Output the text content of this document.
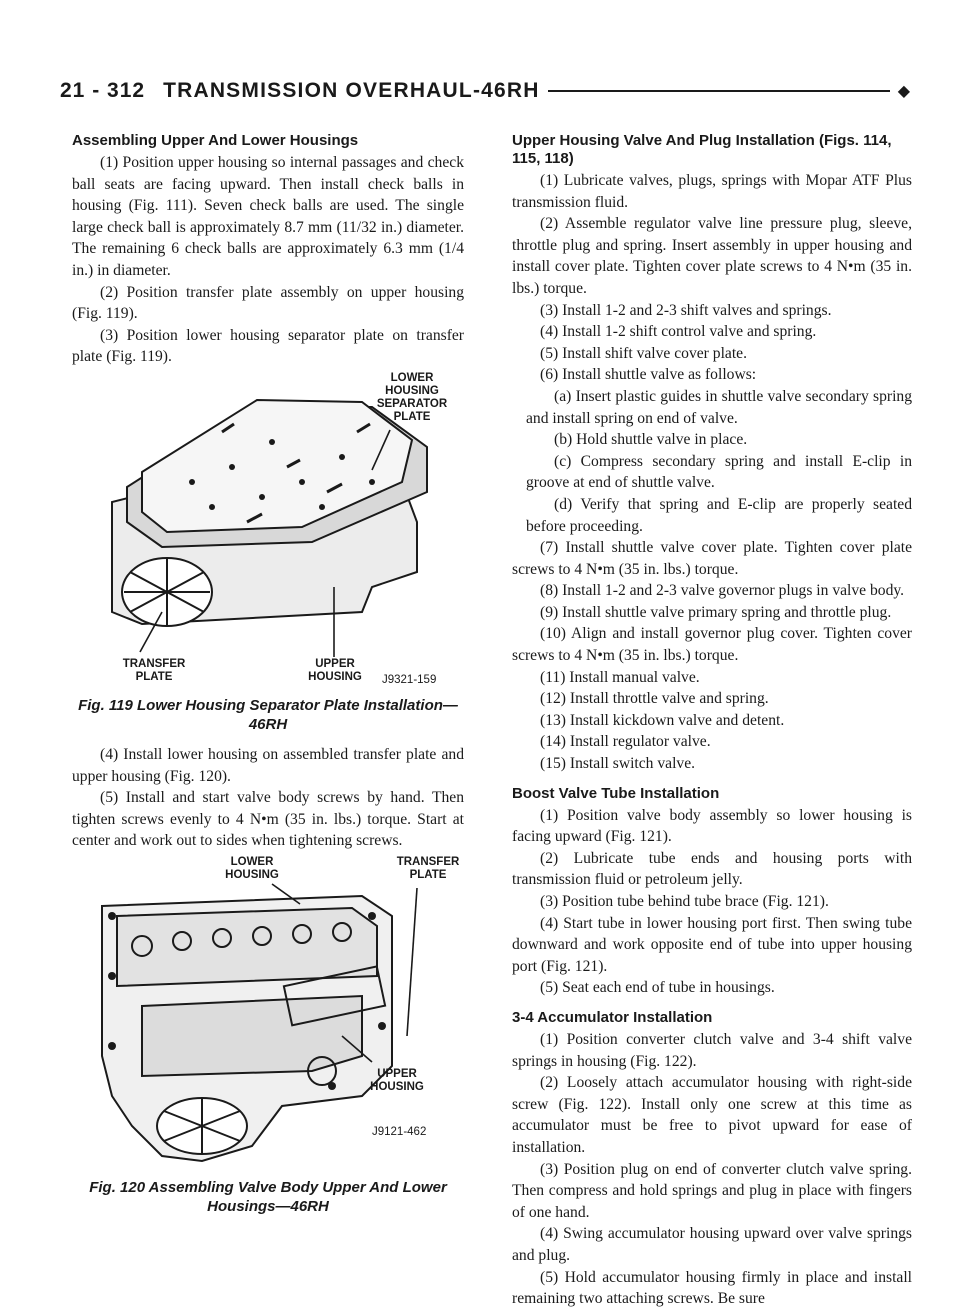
21 - 312 TRANSMISSION OVERHAUL-46RH	◆
Assembling Upper And Lower Housings

(1) Position upper housing so internal passages and check ball seats are facing upward. Then install check balls in housing (Fig. 111). Seven check balls are used. The single large check ball is approximately 8.7 mm (11/32 in.) diameter. The remaining 6 check balls are approximately 6.3 mm (1/4 in.) in diameter.

(2) Position transfer plate assembly on upper housing (Fig. 119).

(3) Position lower housing separator plate on transfer plate (Fig. 119).

LOWER HOUSING SEPARATOR PLATE
TRANSFER PLATE
UPPER HOUSING	J9321-159
Fig. 119 Lower Housing Separator Plate Installation—46RH

(4) Install lower housing on assembled transfer plate and upper housing (Fig. 120).

(5) Install and start valve body screws by hand. Then tighten screws evenly to 4 N•m (35 in. lbs.) torque. Start at center and work out to sides when tightening screws.

LOWER HOUSING
TRANSFER PLATE
UPPER HOUSING
J9121-462
Fig. 120 Assembling Valve Body Upper And Lower Housings—46RH
Upper Housing Valve And Plug Installation (Figs. 114, 115, 118)

(1) Lubricate valves, plugs, springs with Mopar ATF Plus transmission fluid.

(2) Assemble regulator valve line pressure plug, sleeve, throttle plug and spring. Insert assembly in upper housing and install cover plate. Tighten cover plate screws to 4 N•m (35 in. lbs.) torque.

(3) Install 1-2 and 2-3 shift valves and springs.

(4) Install 1-2 shift control valve and spring.

(5) Install shift valve cover plate.

(6) Install shuttle valve as follows:

(a) Insert plastic guides in shuttle valve secondary spring and install spring on end of valve.

(b) Hold shuttle valve in place.

(c) Compress secondary spring and install E-clip in groove at end of shuttle valve.

(d) Verify that spring and E-clip are properly seated before proceeding.

(7) Install shuttle valve cover plate. Tighten cover plate screws to 4 N•m (35 in. lbs.) torque.

(8) Install 1-2 and 2-3 valve governor plugs in valve body.

(9) Install shuttle valve primary spring and throttle plug.

(10) Align and install governor plug cover. Tighten cover screws to 4 N•m (35 in. lbs.) torque.

(11) Install manual valve.

(12) Install throttle valve and spring.

(13) Install kickdown valve and detent.

(14) Install regulator valve.

(15) Install switch valve.

Boost Valve Tube Installation

(1) Position valve body assembly so lower housing is facing upward (Fig. 121).

(2) Lubricate tube ends and housing ports with transmission fluid or petroleum jelly.

(3) Position tube behind tube brace (Fig. 121).

(4) Start tube in lower housing port first. Then swing tube downward and work opposite end of tube into upper housing port (Fig. 121).

(5) Seat each end of tube in housings.

3-4 Accumulator Installation

(1) Position converter clutch valve and 3-4 shift valve springs in housing (Fig. 122).

(2) Loosely attach accumulator housing with right-side screw (Fig. 122). Install only one screw at this time as accumulator must be free to pivot upward for ease of installation.

(3) Position plug on end of converter clutch valve spring. Then compress and hold springs and plug in place with fingers of one hand.

(4) Swing accumulator housing upward over valve springs and plug.

(5) Hold accumulator housing firmly in place and install remaining two attaching screws. Be sure
